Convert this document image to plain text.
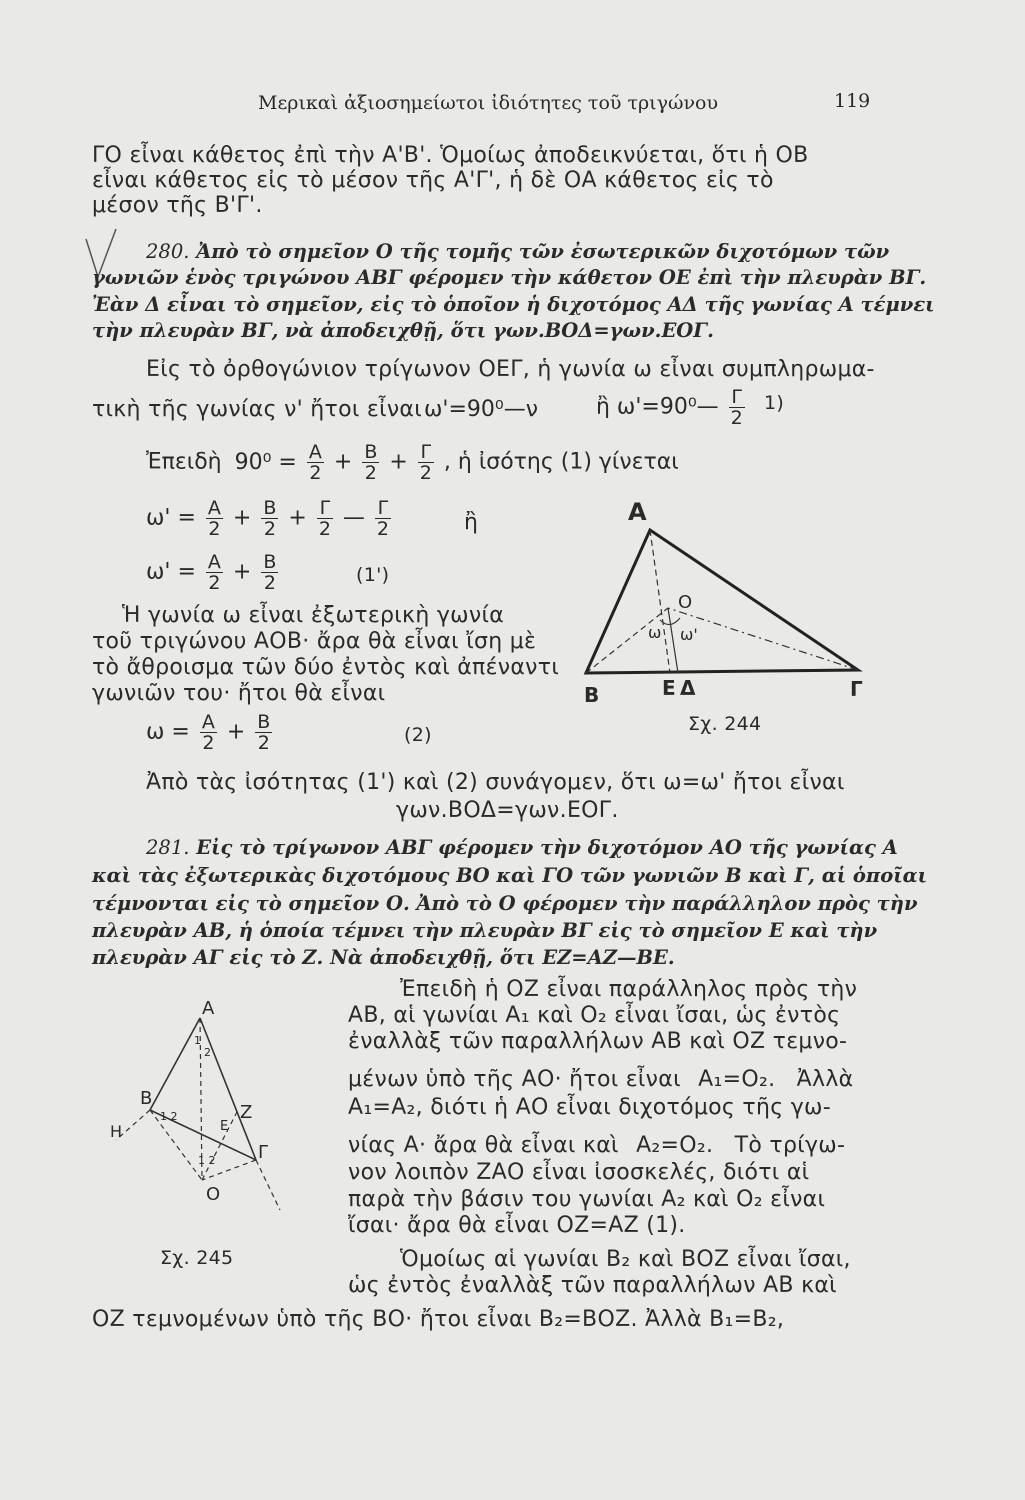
Μερικαὶ ἀξιοσημείωτοι ἰδιότητες τοῦ τριγώνου	119
ΓΟ εἶναι κάθετος ἐπὶ τὴν Α'Β'. Ὁμοίως ἀποδεικνύεται, ὅτι ἡ ΟΒ
εἶναι κάθετος εἰς τὸ μέσον τῆς Α'Γ', ἡ δὲ ΟΑ κάθετος εἰς τὸ
μέσον τῆς Β'Γ'.
280. Ἀπὸ τὸ σημεῖον Ο τῆς τομῆς τῶν ἐσωτερικῶν διχοτόμων τῶν
γωνιῶν ἑνὸς τριγώνου ΑΒΓ φέρομεν τὴν κάθετον ΟΕ ἐπὶ τὴν πλευρὰν ΒΓ.
Ἐὰν Δ εἶναι τὸ σημεῖον, εἰς τὸ ὁποῖον ἡ διχοτόμος ΑΔ τῆς γωνίας Α τέμνει
τὴν πλευρὰν ΒΓ, νὰ ἀποδειχθῇ, ὅτι γων.ΒΟΔ=γων.ΕΟΓ.
Εἰς τὸ ὀρθογώνιον τρίγωνον ΟΕΓ, ἡ γωνία ω εἶναι συμπληρωμα-
τικὴ τῆς γωνίας ν' ἤτοι εἶναι ω'=90⁰—ν	ἢ ω'=90⁰— $\frac{\Gamma}{2} 1$)
Ἐπειδὴ $90^0 = \frac{A}{2} + \frac{B}{2} + \frac{\Gamma}{2}$ , ἡ ἰσότης (1) γίνεται
$\omega' = \frac{A}{2} + \frac{B}{2} + \frac{\Gamma}{2}$ — $\frac{\Gamma}{2}$	ἢ
$\omega' = \frac{A}{2} + \frac{B}{2}$	(1')
Ἡ γωνία ω εἶναι ἐξωτερικὴ γωνία
τοῦ τριγώνου ΑΟΒ· ἄρα θὰ εἶναι ἴση μὲ
τὸ ἄθροισμα τῶν δύο ἐντὸς καὶ ἀπέναντι
γωνιῶν του· ἤτοι θὰ εἶναι
$\omega = \frac{A}{2} + \frac{B}{2}$	(2)
Α
Ο
ω ω'
Β	Ε Δ	Γ
Σχ. 244
Ἀπὸ τὰς ἰσότητας (1') καὶ (2) συνάγομεν, ὅτι ω=ω' ἤτοι εἶναι
γων.ΒΟΔ=γων.ΕΟΓ.
281. Εἰς τὸ τρίγωνον ΑΒΓ φέρομεν τὴν διχοτόμον ΑΟ τῆς γωνίας Α
καὶ τὰς ἐξωτερικὰς διχοτόμους ΒΟ καὶ ΓΟ τῶν γωνιῶν Β καὶ Γ, αἱ ὁποῖαι
τέμνονται εἰς τὸ σημεῖον Ο. Ἀπὸ τὸ Ο φέρομεν τὴν παράλληλον πρὸς τὴν
πλευρὰν ΑΒ, ἡ ὁποία τέμνει τὴν πλευρὰν ΒΓ εἰς τὸ σημεῖον Ε καὶ τὴν
πλευρὰν ΑΓ εἰς τὸ Ζ. Νὰ ἀποδειχθῇ, ὅτι ΕΖ=ΑΖ—ΒΕ.
Ἐπειδὴ ἡ ΟΖ εἶναι παράλληλος πρὸς τὴν
ΑΒ, αἱ γωνίαι Α₁ καὶ Ο₂ εἶναι ἴσαι, ὡς ἐντὸς
ἐναλλὰξ τῶν παραλλήλων ΑΒ καὶ ΟΖ τεμνο-
μένων ὑπὸ τῆς ΑΟ· ἤτοι εἶναι Α₁=Ο₂. Ἀλλὰ
Α₁=Α₂, διότι ἡ ΑΟ εἶναι διχοτόμος τῆς γω-
νίας Α· ἄρα θὰ εἶναι καὶ Α₂=Ο₂. Τὸ τρίγω-
νον λοιπὸν ΖΑΟ εἶναι ἰσοσκελές, διότι αἱ
παρὰ τὴν βάσιν του γωνίαι Α₂ καὶ Ο₂ εἶναι
ἴσαι· ἄρα θὰ εἶναι ΟΖ=ΑΖ (1).
Ὁμοίως αἱ γωνίαι Β₂ καὶ ΒΟΖ εἶναι ἴσαι,
ὡς ἐντὸς ἐναλλὰξ τῶν παραλλήλων ΑΒ καὶ
ΟΖ τεμνομένων ὑπὸ τῆς ΒΟ· ἤτοι εἶναι Β₂=ΒΟΖ. Ἀλλὰ Β₁=Β₂,
Α
Β
Ζ
Γ
Η
Ο
Ε
1
2
1 2
1 2
Σχ. 245
